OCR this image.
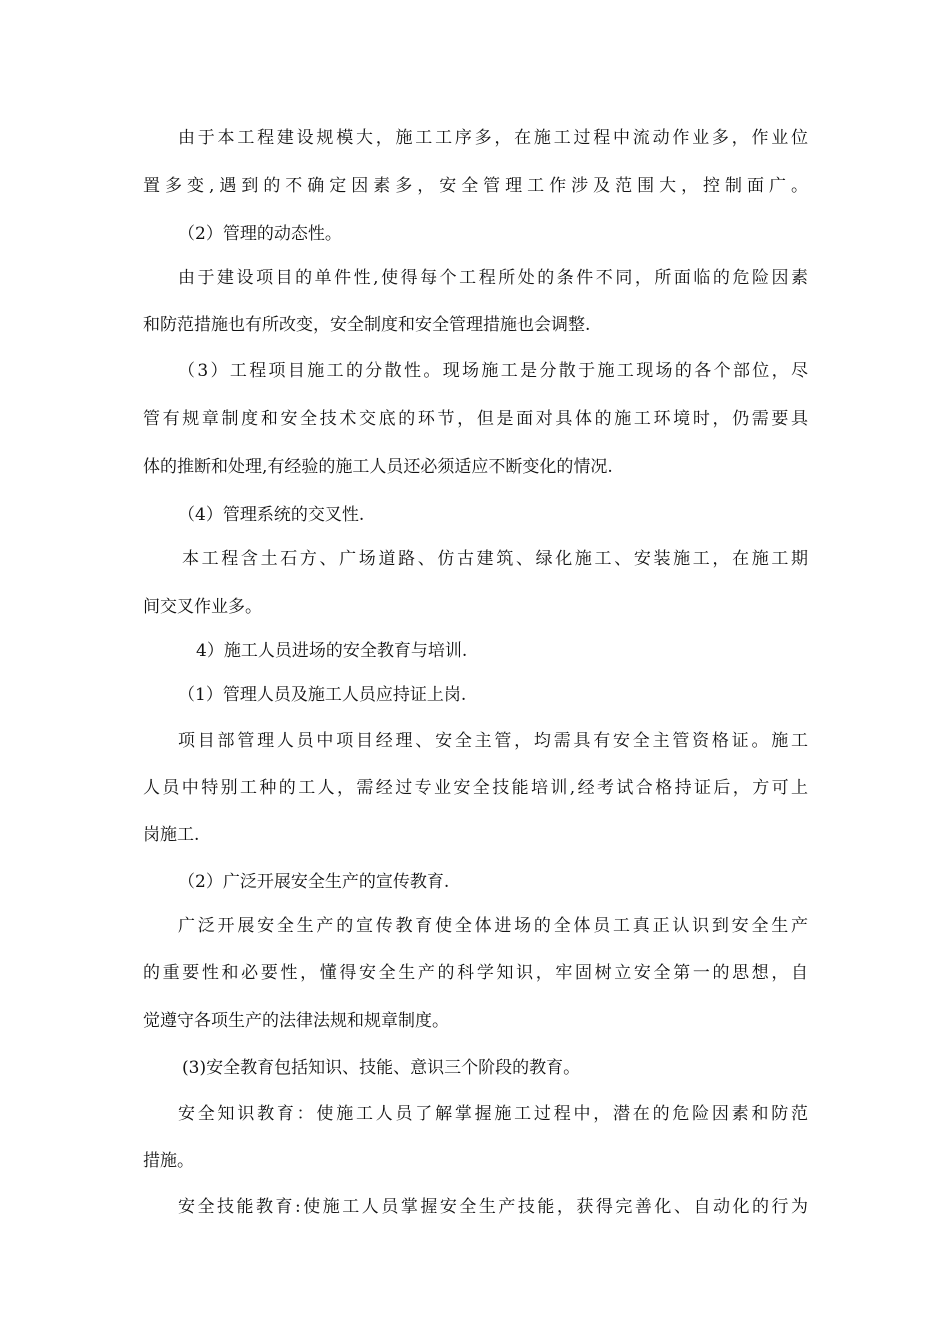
由于本工程建设规模大，施工工序多，在施工过程中流动作业多，作业位
置多变,遇到的不确定因素多，安全管理工作涉及范围大，控制面广。
（2）管理的动态性。
由于建设项目的单件性,使得每个工程所处的条件不同，所面临的危险因素
和防范措施也有所改变，安全制度和安全管理措施也会调整.
（3）工程项目施工的分散性。现场施工是分散于施工现场的各个部位，尽
管有规章制度和安全技术交底的环节，但是面对具体的施工环境时，仍需要具
体的推断和处理,有经验的施工人员还必须适应不断变化的情况.
（4）管理系统的交叉性.
本工程含土石方、广场道路、仿古建筑、绿化施工、安装施工，在施工期
间交叉作业多。
4）施工人员进场的安全教育与培训.
（1）管理人员及施工人员应持证上岗.
项目部管理人员中项目经理、安全主管，均需具有安全主管资格证。施工
人员中特别工种的工人，需经过专业安全技能培训,经考试合格持证后，方可上
岗施工.
（2）广泛开展安全生产的宣传教育.
广泛开展安全生产的宣传教育使全体进场的全体员工真正认识到安全生产
的重要性和必要性，懂得安全生产的科学知识，牢固树立安全第一的思想，自
觉遵守各项生产的法律法规和规章制度。
(3)安全教育包括知识、技能、意识三个阶段的教育。
安全知识教育：使施工人员了解掌握施工过程中，潜在的危险因素和防范
措施。
安全技能教育:使施工人员掌握安全生产技能，获得完善化、自动化的行为
